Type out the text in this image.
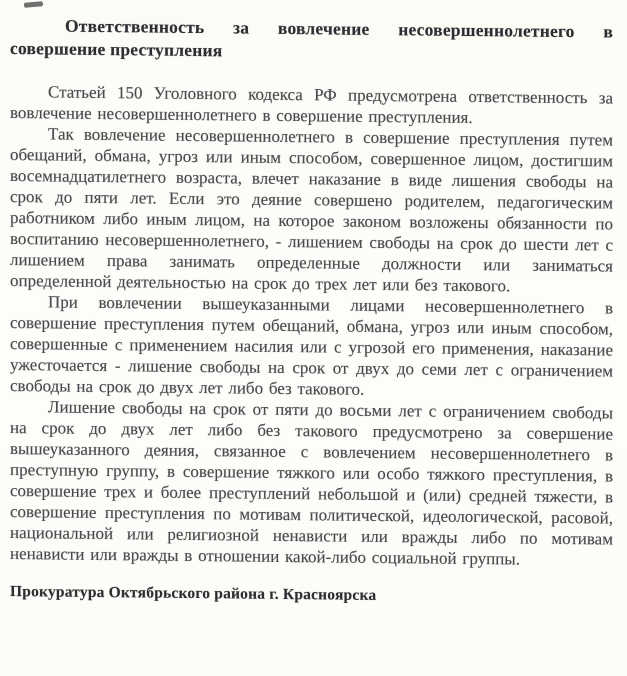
Ответственность за вовлечение несовершеннолетнего в совершение преступления

Статьей 150 Уголовного кодекса РФ предусмотрена ответственность за вовлечение несовершеннолетнего в совершение преступления.

Так вовлечение несовершеннолетнего в совершение преступления путем обещаний, обмана, угроз или иным способом, совершенное лицом, достигшим восемнадцатилетнего возраста, влечет наказание в виде лишения свободы на срок до пяти лет. Если это деяние совершено родителем, педагогическим работником либо иным лицом, на которое законом возложены обязанности по воспитанию несовершеннолетнего, - лишением свободы на срок до шести лет с лишением права занимать определенные должности или заниматься определенной деятельностью на срок до трех лет или без такового.

При вовлечении вышеуказанными лицами несовершеннолетнего в совершение преступления путем обещаний, обмана, угроз или иным способом, совершенные с применением насилия или с угрозой его применения, наказание ужесточается - лишение свободы на срок от двух до семи лет с ограничением свободы на срок до двух лет либо без такового.

Лишение свободы на срок от пяти до восьми лет с ограничением свободы на срок до двух лет либо без такового предусмотрено за совершение вышеуказанного деяния, связанное с вовлечением несовершеннолетнего в преступную группу, в совершение тяжкого или особо тяжкого преступления, в совершение трех и более преступлений небольшой и (или) средней тяжести, в совершение преступления по мотивам политической, идеологической, расовой, национальной или религиозной ненависти или вражды либо по мотивам ненависти или вражды в отношении какой-либо социальной группы.

Прокуратура Октябрьского района г. Красноярска
